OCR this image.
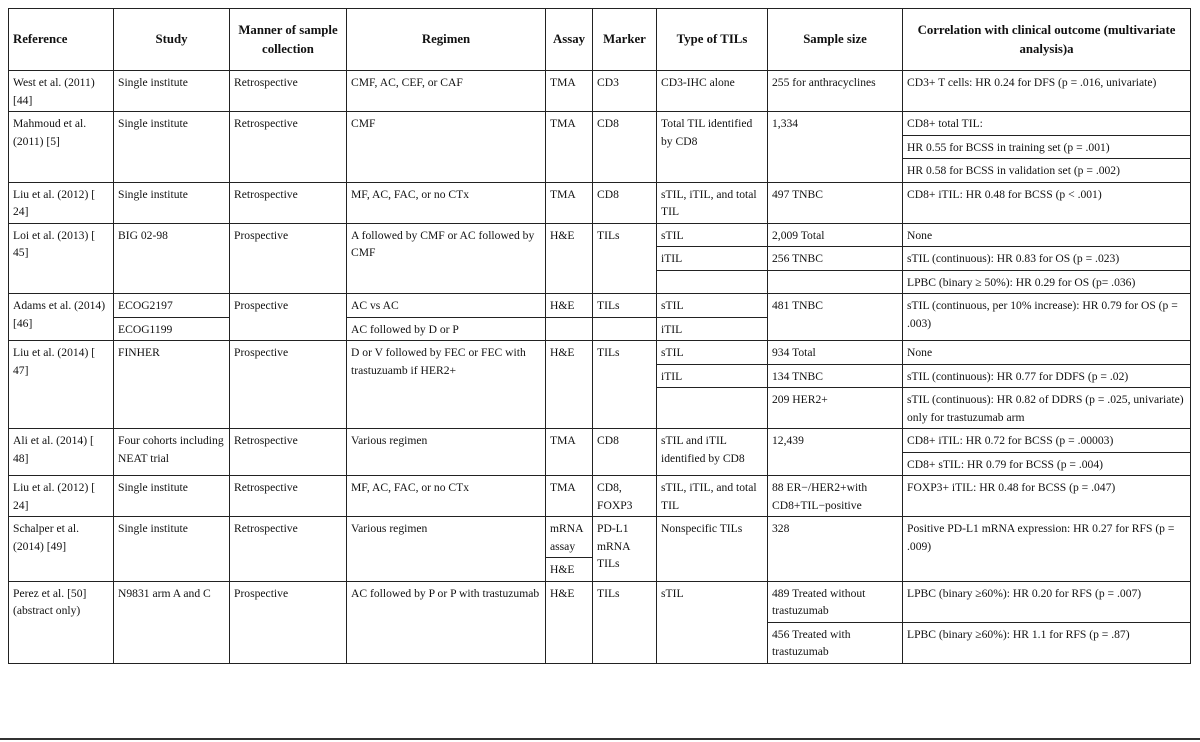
Reference	Study	Manner of sample collection	Regimen	Assay	Marker	Type of TILs	Sample size	Correlation with clinical outcome (multivariate analysis)a
West et al. (2011) [44]	Single institute	Retrospective	CMF, AC, CEF, or CAF	TMA	CD3	CD3-IHC alone	255 for anthracyclines	CD3+ T cells: HR 0.24 for DFS (p = .016, univariate)
Mahmoud et al. (2011) [5]	Single institute	Retrospective	CMF	TMA	CD8	Total TIL identified by CD8	1,334	CD8+ total TIL:
								HR 0.55 for BCSS in training set (p = .001)
								HR 0.58 for BCSS in validation set (p = .002)
Liu et al. (2012) [ 24]	Single institute	Retrospective	MF, AC, FAC, or no CTx	TMA	CD8	sTIL, iTIL, and total TIL	497 TNBC	CD8+ iTIL: HR 0.48 for BCSS (p < .001)
Loi et al. (2013) [ 45]	BIG 02-98	Prospective	A followed by CMF or AC followed by CMF	H&E	TILs	sTIL	2,009 Total	None
						iTIL	256 TNBC	sTIL (continuous): HR 0.83 for OS (p = .023)
								LPBC (binary ≥ 50%): HR 0.29 for OS (p= .036)
Adams et al. (2014) [46]	ECOG2197	Prospective	AC vs AC	H&E	TILs	sTIL	481 TNBC	sTIL (continuous, per 10% increase): HR 0.79 for OS (p = .003)
	ECOG1199		AC followed by D or P			iTIL		
Liu et al. (2014) [ 47]	FINHER	Prospective	D or V followed by FEC or FEC with trastuzuamb if HER2+	H&E	TILs	sTIL	934 Total	None
						iTIL	134 TNBC	sTIL (continuous): HR 0.77 for DDFS (p = .02)
							209 HER2+	sTIL (continuous): HR 0.82 of DDRS (p = .025, univariate) only for trastuzumab arm
Ali et al. (2014) [ 48]	Four cohorts including NEAT trial	Retrospective	Various regimen	TMA	CD8	sTIL and iTIL identified by CD8	12,439	CD8+ iTIL: HR 0.72 for BCSS (p = .00003)
								CD8+ sTIL: HR 0.79 for BCSS (p = .004)
Liu et al. (2012) [ 24]	Single institute	Retrospective	MF, AC, FAC, or no CTx	TMA	CD8, FOXP3	sTIL, iTIL, and total TIL	88 ER−/HER2+with CD8+TIL−positive	FOXP3+ iTIL: HR 0.48 for BCSS (p = .047)
Schalper et al. (2014) [49]	Single institute	Retrospective	Various regimen	mRNA assay	PD-L1 mRNA TILs	Nonspecific TILs	328	Positive PD-L1 mRNA expression: HR 0.27 for RFS (p = .009)
				H&E				
Perez et al. [50] (abstract only)	N9831 arm A and C	Prospective	AC followed by P or P with trastuzumab	H&E	TILs	sTIL	489 Treated without trastuzumab	LPBC (binary ≥60%): HR 0.20 for RFS (p = .007)
							456 Treated with trastuzumab	LPBC (binary ≥60%): HR 1.1 for RFS (p = .87)
